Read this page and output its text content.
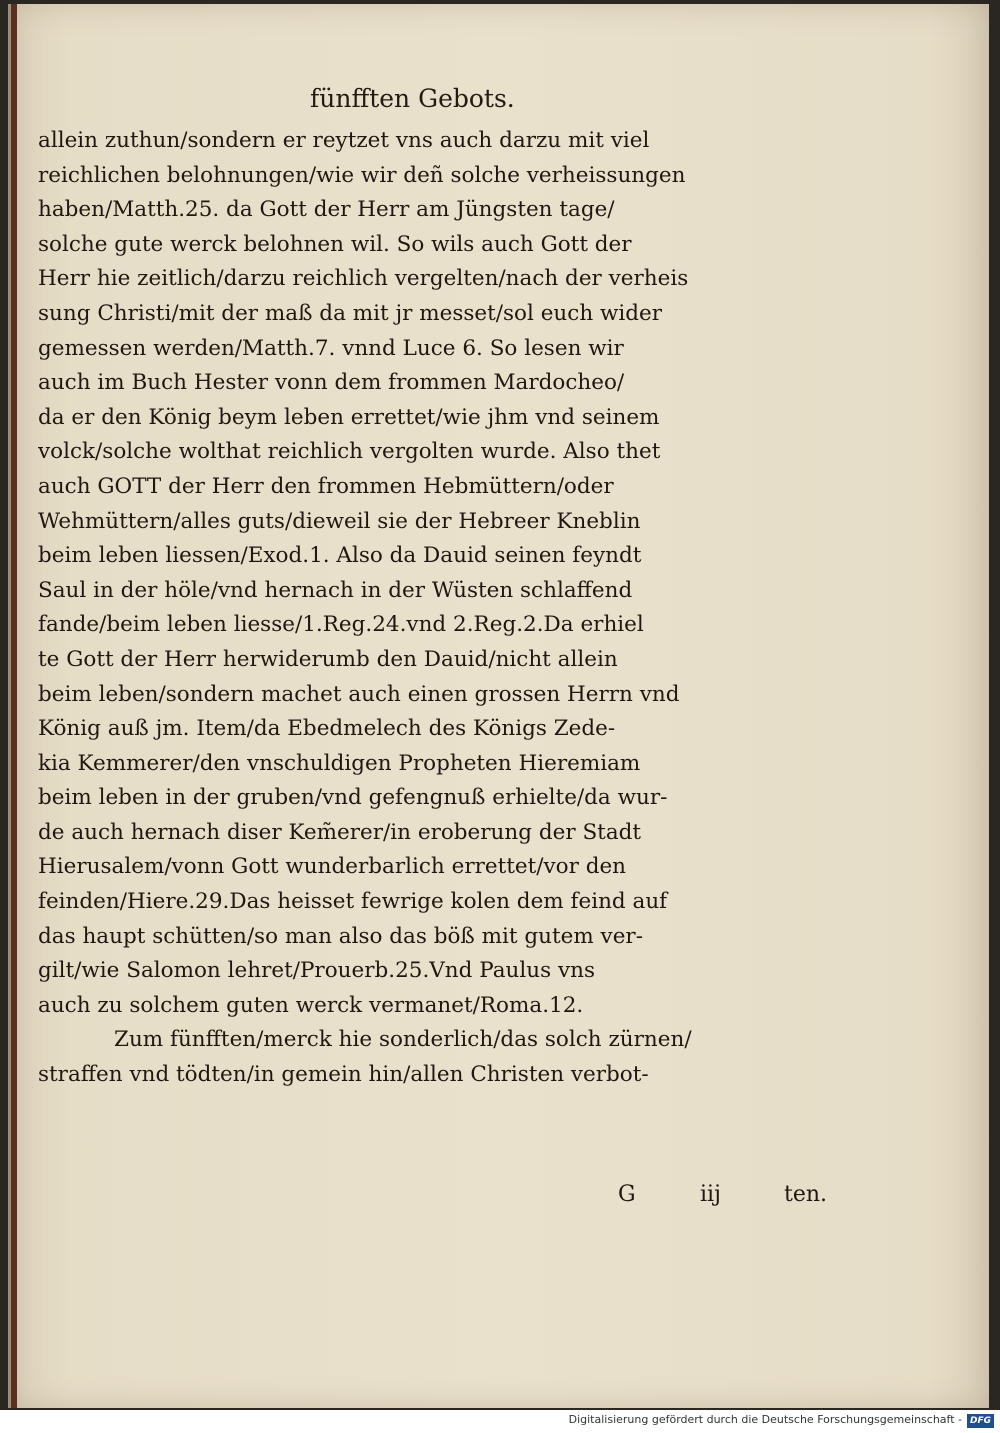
fünfften Gebots.
allein zuthun/sondern er reytzet vns auch darzu mit viel
reichlichen belohnungen/wie wir deñ solche verheissungen
haben/Matth.25. da Gott der Herr am Jüngsten tage/
solche gute werck belohnen wil. So wils auch Gott der
Herr hie zeitlich/darzu reichlich vergelten/nach der verheis
sung Christi/mit der maß da mit jr messet/sol euch wider
gemessen werden/Matth.7. vnnd Luce 6. So lesen wir
auch im Buch Hester vonn dem frommen Mardocheo/
da er den König beym leben errettet/wie jhm vnd seinem
volck/solche wolthat reichlich vergolten wurde. Also thet
auch GOTT der Herr den frommen Hebmüttern/oder
Wehmüttern/alles guts/dieweil sie der Hebreer Kneblin
beim leben liessen/Exod.1. Also da Dauid seinen feyndt
Saul in der höle/vnd hernach in der Wüsten schlaffend
fande/beim leben liesse/1.Reg.24.vnd 2.Reg.2.Da erhiel
te Gott der Herr herwiderumb den Dauid/nicht allein
beim leben/sondern machet auch einen grossen Herrn vnd
König auß jm. Item/da Ebedmelech des Königs Zede-
kia Kemmerer/den vnschuldigen Propheten Hieremiam
beim leben in der gruben/vnd gefengnuß erhielte/da wur-
de auch hernach diser Kem̃erer/in eroberung der Stadt
Hierusalem/vonn Gott wunderbarlich errettet/vor den
feinden/Hiere.29.Das heisset fewrige kolen dem feind auf
das haupt schütten/so man also das böß mit gutem ver-
gilt/wie Salomon lehret/Prouerb.25.Vnd Paulus vns
auch zu solchem guten werck vermanet/Roma.12.
Zum fünfften/merck hie sonderlich/das solch zürnen/
straffen vnd tödten/in gemein hin/allen Christen verbot-
G	iij	ten.
Digitalisierung gefördert durch die Deutsche Forschungsgemeinschaft - DFG
